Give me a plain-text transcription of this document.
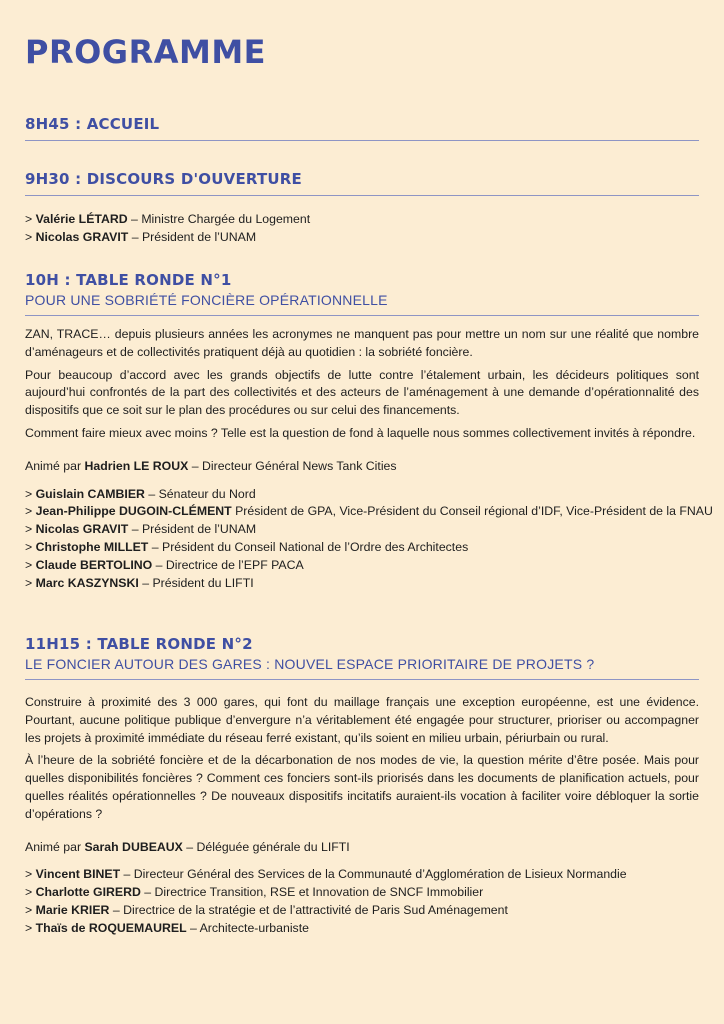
PROGRAMME
8H45 : ACCUEIL
9H30 : DISCOURS D'OUVERTURE
> Valérie LÉTARD – Ministre Chargée du Logement
> Nicolas GRAVIT – Président de l’UNAM
10H : TABLE RONDE N°1

POUR UNE SOBRIÉTÉ FONCIÈRE OPÉRATIONNELLE

ZAN, TRACE… depuis plusieurs années les acronymes ne manquent pas pour mettre un nom sur une réalité que nombre d’aménageurs et de collectivités pratiquent déjà au quotidien : la sobriété foncière.

Pour beaucoup d’accord avec les grands objectifs de lutte contre l’étalement urbain, les décideurs politiques sont aujourd’hui confrontés de la part des collectivités et des acteurs de l’aménagement à une demande d’opérationnalité des dispositifs que ce soit sur le plan des procédures ou sur celui des financements.

Comment faire mieux avec moins ? Telle est la question de fond à laquelle nous sommes collectivement invités à répondre.

Animé par Hadrien LE ROUX – Directeur Général News Tank Cities

> Guislain CAMBIER – Sénateur du Nord
> Jean-Philippe DUGOIN-CLÉMENT Président de GPA, Vice-Président du Conseil régional d’IDF, Vice-Président de la FNAU
> Nicolas GRAVIT – Président de l’UNAM
> Christophe MILLET – Président du Conseil National de l’Ordre des Architectes
> Claude BERTOLINO – Directrice de l’EPF PACA
> Marc KASZYNSKI – Président du LIFTI
11H15 : TABLE RONDE N°2

LE FONCIER AUTOUR DES GARES : NOUVEL ESPACE PRIORITAIRE DE PROJETS ?

Construire à proximité des 3 000 gares, qui font du maillage français une exception européenne, est une évidence. Pourtant, aucune politique publique d’envergure n’a véritablement été engagée pour structurer, prioriser ou accompagner les projets à proximité immédiate du réseau ferré existant, qu’ils soient en milieu urbain, périurbain ou rural.

À l’heure de la sobriété foncière et de la décarbonation de nos modes de vie, la question mérite d’être posée. Mais pour quelles disponibilités foncières ? Comment ces fonciers sont-ils priorisés dans les documents de planification actuels, pour quelles réalités opérationnelles ? De nouveaux dispositifs incitatifs auraient-ils vocation à faciliter voire débloquer la sortie d’opérations ?

Animé par Sarah DUBEAUX – Déléguée générale du LIFTI

> Vincent BINET – Directeur Général des Services de la Communauté d’Agglomération de Lisieux Normandie
> Charlotte GIRERD – Directrice Transition, RSE et Innovation de SNCF Immobilier
> Marie KRIER – Directrice de la stratégie et de l’attractivité de Paris Sud Aménagement
> Thaïs de ROQUEMAUREL – Architecte-urbaniste
